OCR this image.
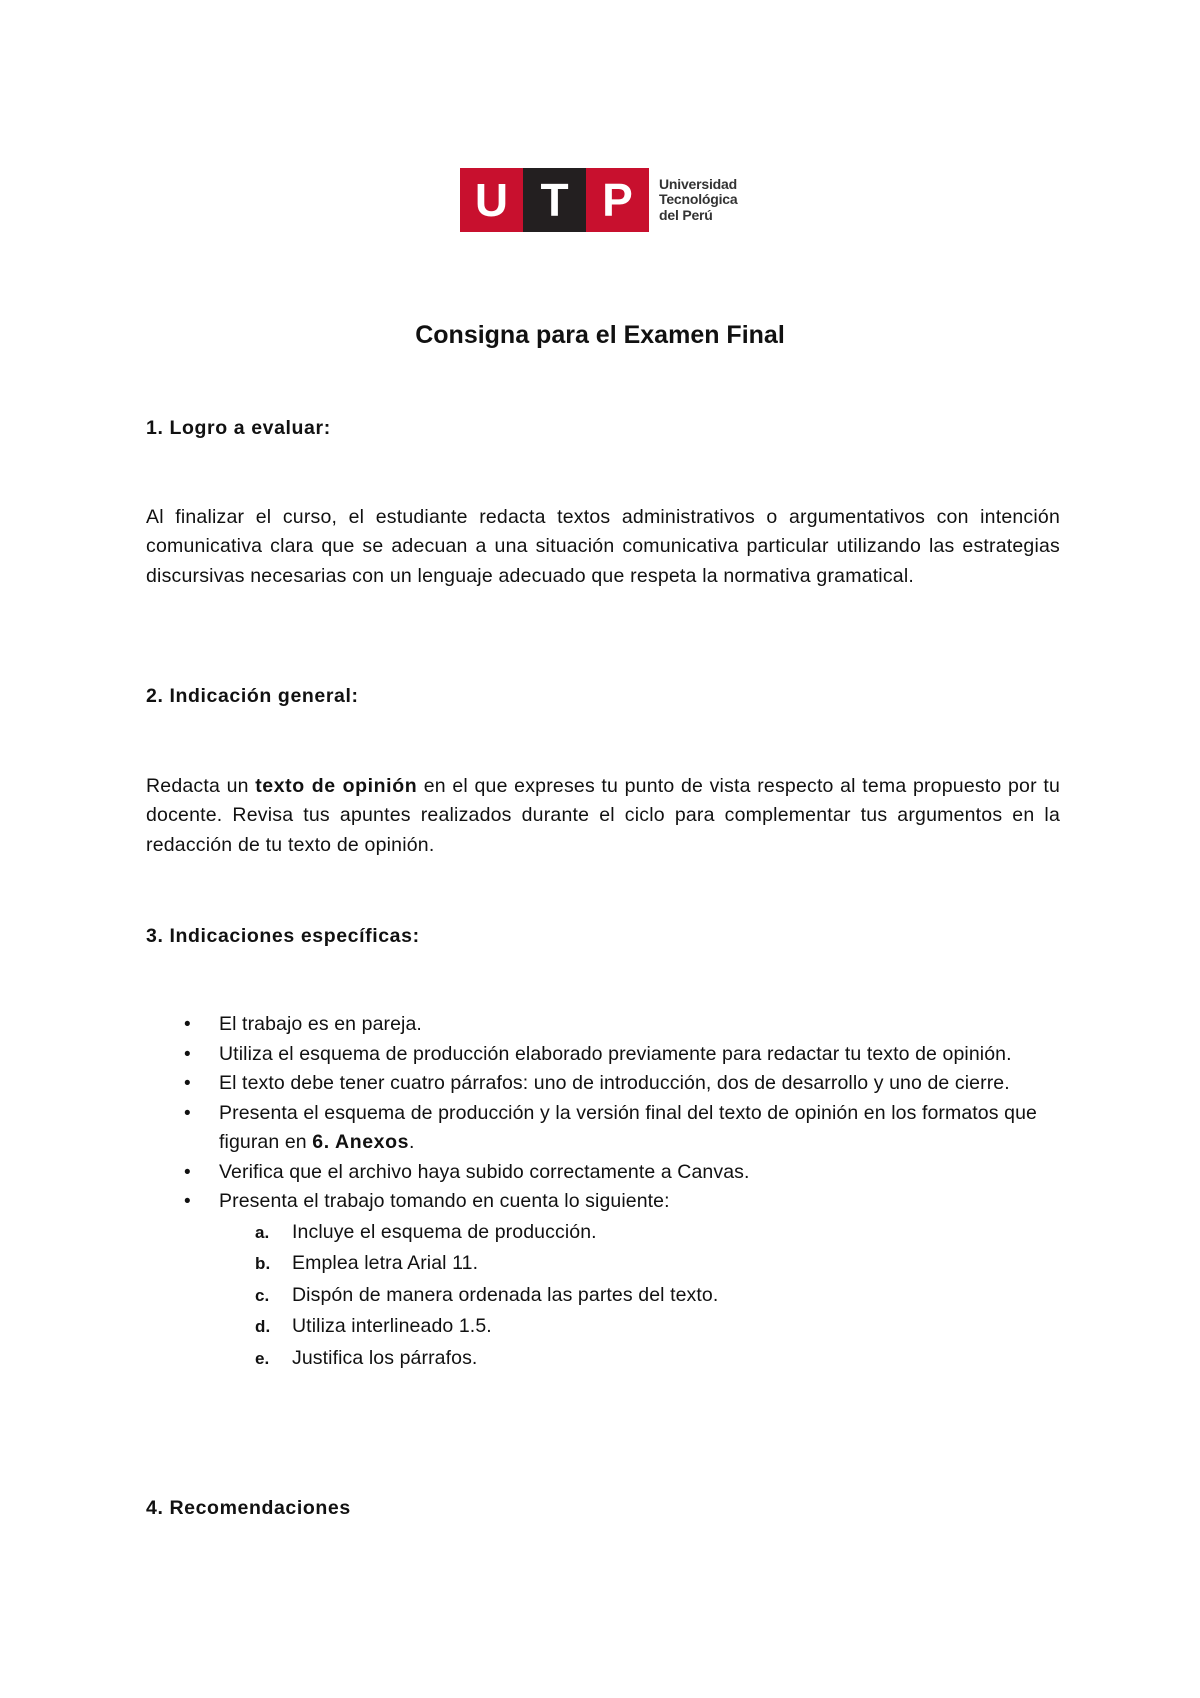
U T P	Universidad
Tecnológica
del Perú
Consigna para el Examen Final
1. Logro a evaluar:

Al finalizar el curso, el estudiante redacta textos administrativos o argumentativos con intención comunicativa clara que se adecuan a una situación comunicativa particular utilizando las estrategias discursivas necesarias con un lenguaje adecuado que respeta la normativa gramatical.

2. Indicación general:

Redacta un texto de opinión en el que expreses tu punto de vista respecto al tema propuesto por tu docente. Revisa tus apuntes realizados durante el ciclo para complementar tus argumentos en la redacción de tu texto de opinión.

3. Indicaciones específicas:
• El trabajo es en pareja.
• Utiliza el esquema de producción elaborado previamente para redactar tu texto de opinión.
• El texto debe tener cuatro párrafos: uno de introducción, dos de desarrollo y uno de cierre.
• Presenta el esquema de producción y la versión final del texto de opinión en los formatos que figuran en 6. Anexos.
• Verifica que el archivo haya subido correctamente a Canvas.
• Presenta el trabajo tomando en cuenta lo siguiente:
a. Incluye el esquema de producción.
b. Emplea letra Arial 11.
c. Dispón de manera ordenada las partes del texto.
d. Utiliza interlineado 1.5.
e. Justifica los párrafos.
4. Recomendaciones
